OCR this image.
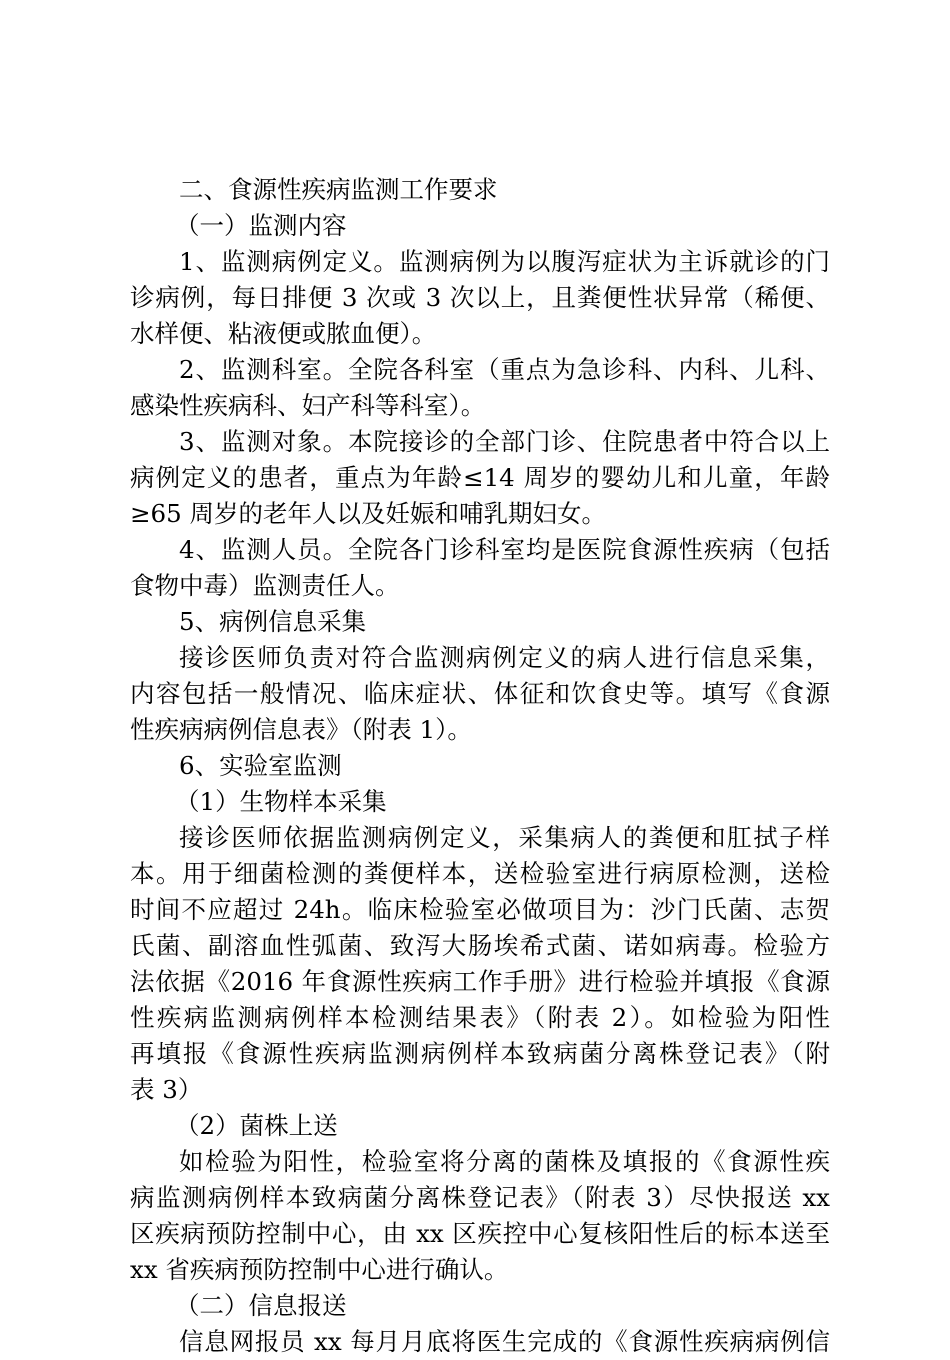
二、食源性疾病监测工作要求
（一）监测内容
1、监测病例定义。监测病例为以腹泻症状为主诉就诊的门
诊病例，每日排便 3 次或 3 次以上，且粪便性状异常（稀便、
水样便、粘液便或脓血便）。
2、监测科室。全院各科室（重点为急诊科、内科、儿科、
感染性疾病科、妇产科等科室）。
3、监测对象。本院接诊的全部门诊、住院患者中符合以上
病例定义的患者，重点为年龄≤14 周岁的婴幼儿和儿童，年龄
≥65 周岁的老年人以及妊娠和哺乳期妇女。
4、监测人员。全院各门诊科室均是医院食源性疾病（包括
食物中毒）监测责任人。
5、病例信息采集
接诊医师负责对符合监测病例定义的病人进行信息采集，
内容包括一般情况、临床症状、体征和饮食史等。填写《食源
性疾病病例信息表》（附表 1）。
6、实验室监测
（1）生物样本采集
接诊医师依据监测病例定义，采集病人的粪便和肛拭子样
本。用于细菌检测的粪便样本，送检验室进行病原检测，送检
时间不应超过 24h。临床检验室必做项目为：沙门氏菌、志贺
氏菌、副溶血性弧菌、致泻大肠埃希式菌、诺如病毒。检验方
法依据《2016 年食源性疾病工作手册》进行检验并填报《食源
性疾病监测病例样本检测结果表》（附表 2）。如检验为阳性
再填报《食源性疾病监测病例样本致病菌分离株登记表》（附
表 3）
（2）菌株上送
如检验为阳性，检验室将分离的菌株及填报的《食源性疾
病监测病例样本致病菌分离株登记表》（附表 3）尽快报送 xx
区疾病预防控制中心，由 xx 区疾控中心复核阳性后的标本送至
xx 省疾病预防控制中心进行确认。
（二）信息报送
信息网报员 xx 每月月底将医生完成的《食源性疾病病例信
